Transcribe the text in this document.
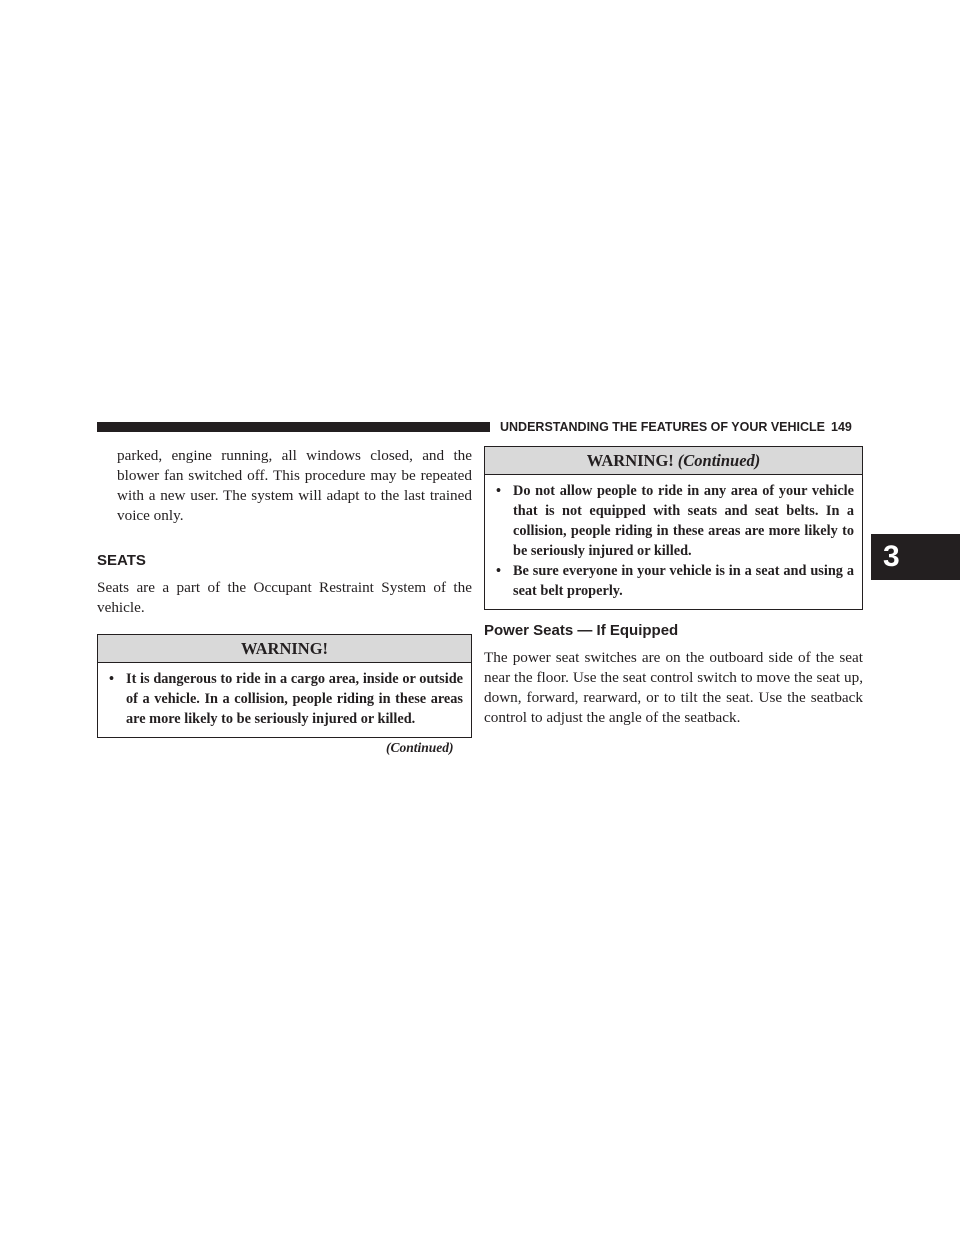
UNDERSTANDING THE FEATURES OF YOUR VEHICLE 149

parked, engine running, all windows closed, and the blower fan switched off. This procedure may be repeated with a new user. The system will adapt to the last trained voice only.

SEATS

Seats are a part of the Occupant Restraint System of the vehicle.

WARNING!
• It is dangerous to ride in a cargo area, inside or outside of a vehicle. In a collision, people riding in these areas are more likely to be seriously injured or killed.
(Continued)
WARNING! (Continued)
• Do not allow people to ride in any area of your vehicle that is not equipped with seats and seat belts. In a collision, people riding in these areas are more likely to be seriously injured or killed.
• Be sure everyone in your vehicle is in a seat and using a seat belt properly.
Power Seats — If Equipped

The power seat switches are on the outboard side of the seat near the floor. Use the seat control switch to move the seat up, down, forward, rearward, or to tilt the seat. Use the seatback control to adjust the angle of the seatback.

3
